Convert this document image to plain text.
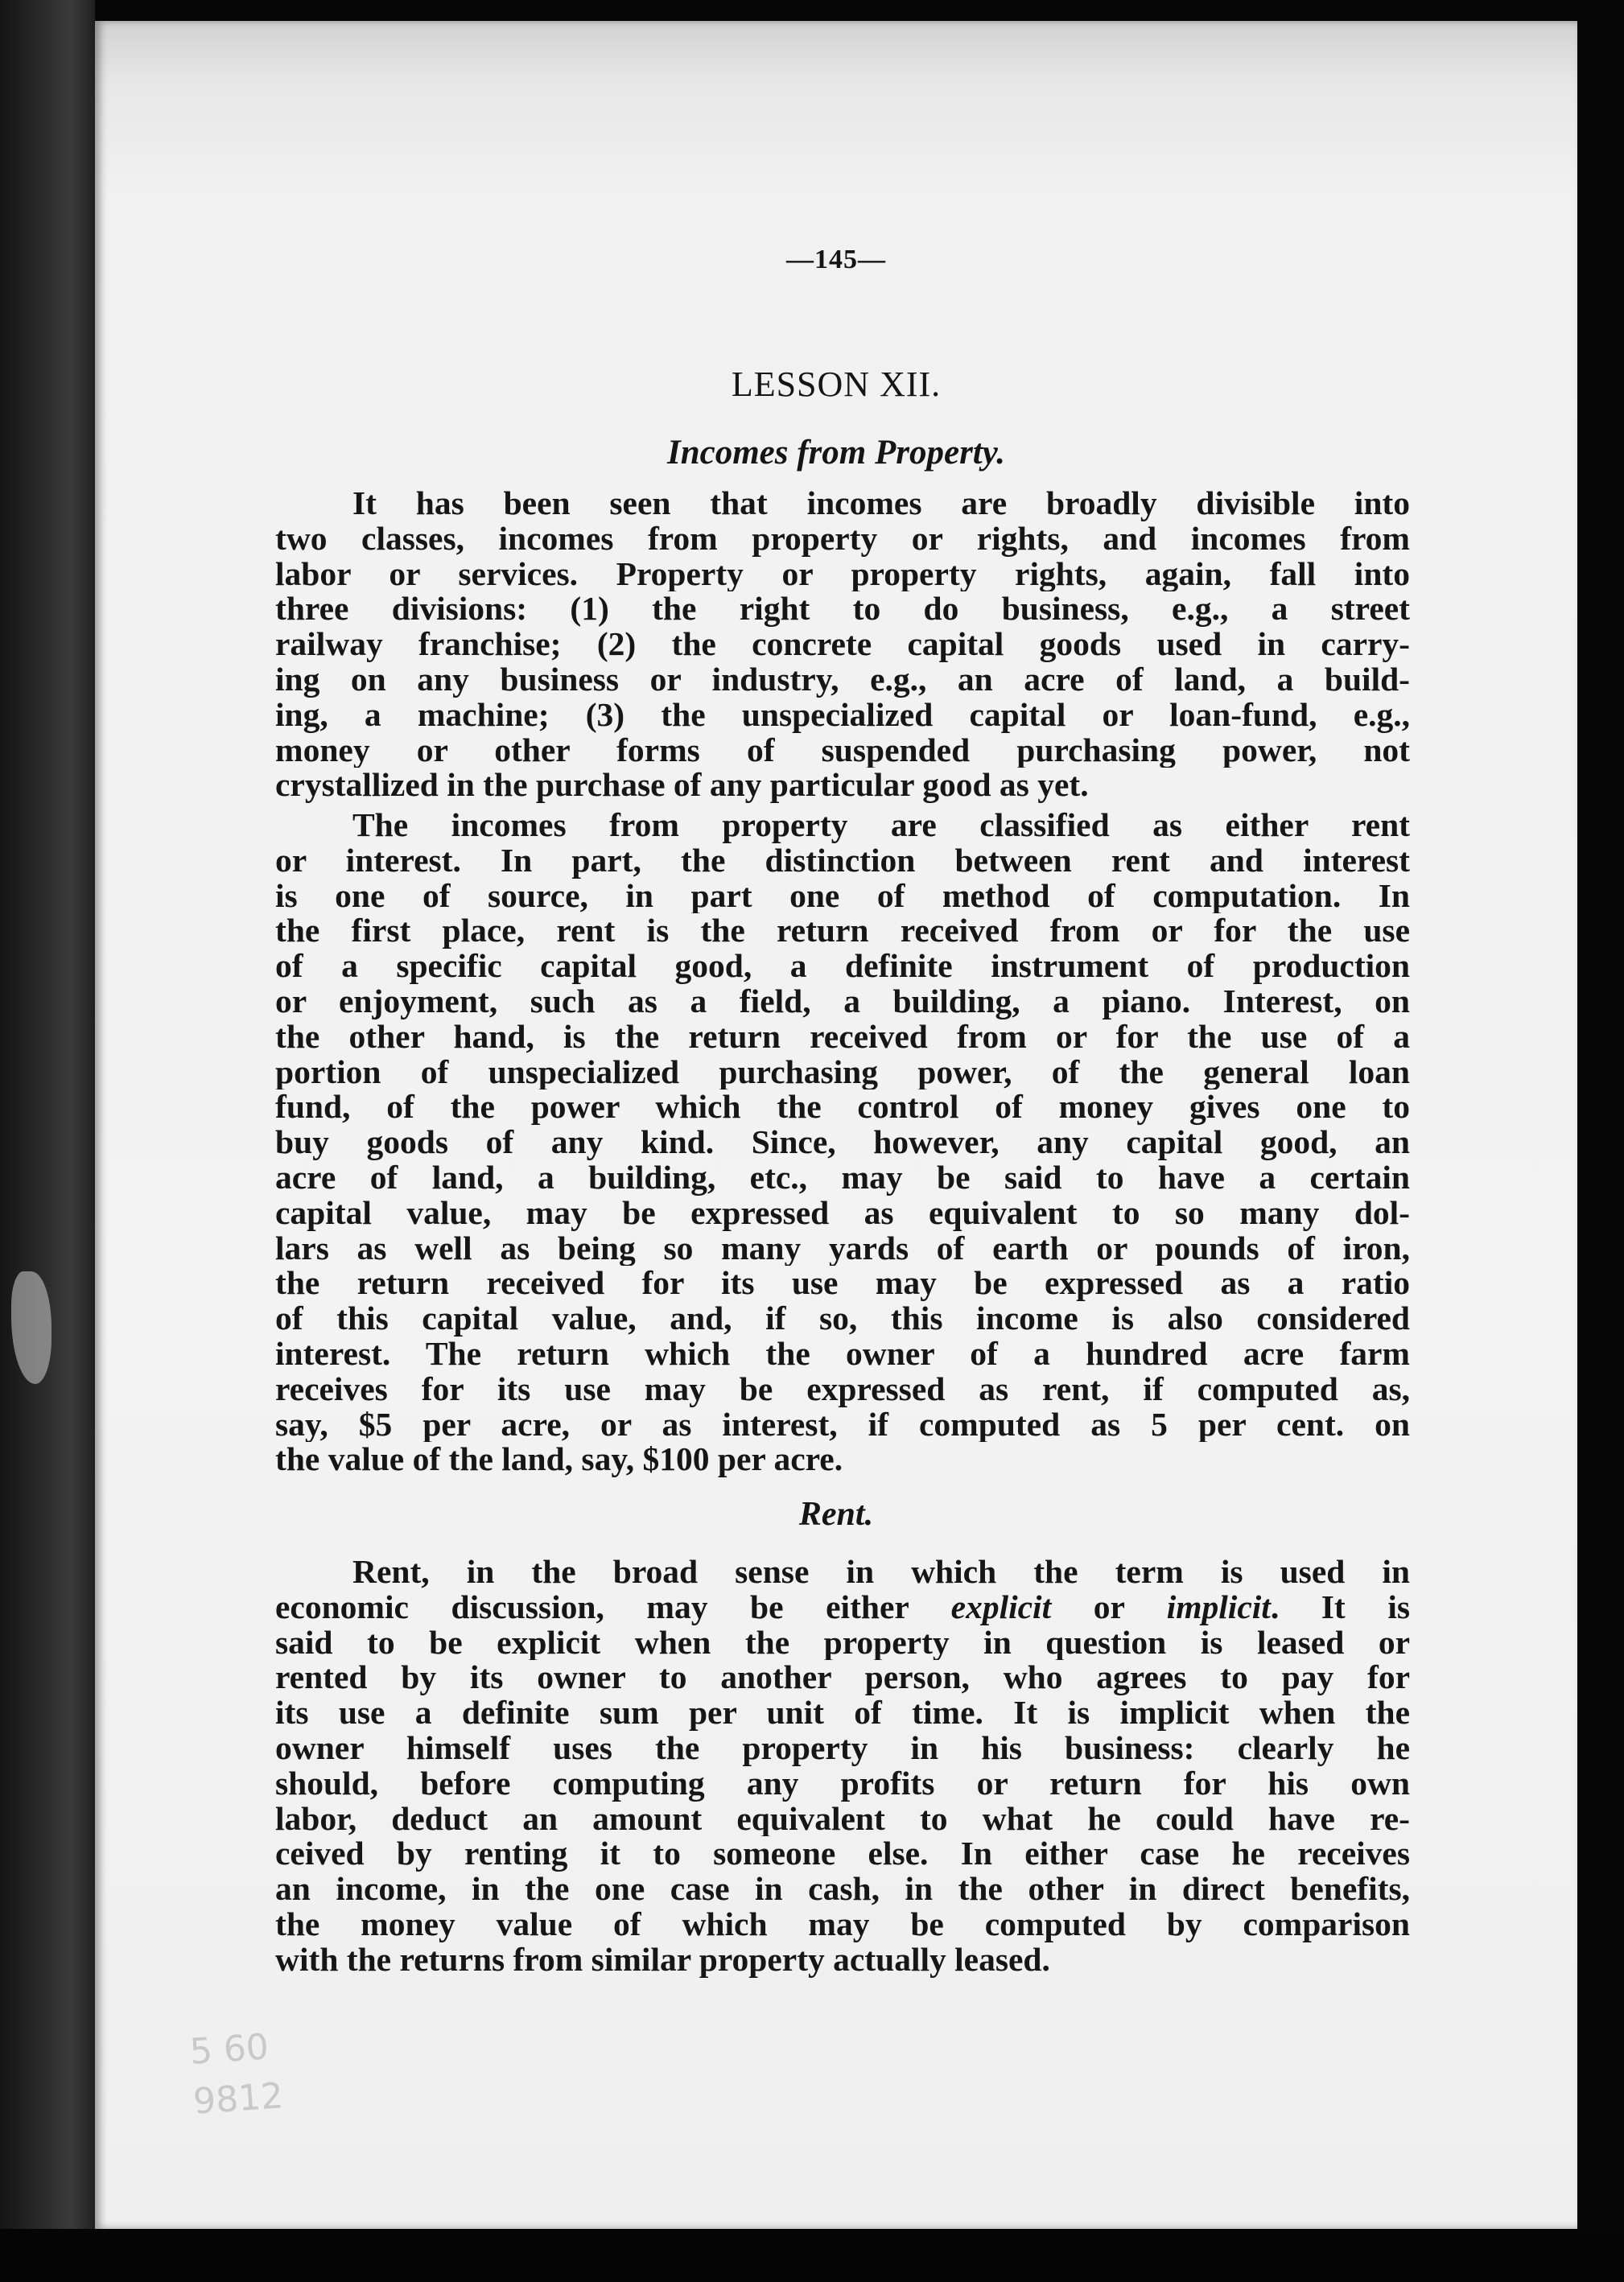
—145—
LESSON XII.
Incomes from Property.
It has been seen that incomes are broadly divisible into
two classes, incomes from property or rights, and incomes from
labor or services. Property or property rights, again, fall into
three divisions: (1) the right to do business, e.g., a street
railway franchise; (2) the concrete capital goods used in carry-
ing on any business or industry, e.g., an acre of land, a build-
ing, a machine; (3) the unspecialized capital or loan-fund, e.g.,
money or other forms of suspended purchasing power, not
crystallized in the purchase of any particular good as yet.
The incomes from property are classified as either rent
or interest. In part, the distinction between rent and interest
is one of source, in part one of method of computation. In
the first place, rent is the return received from or for the use
of a specific capital good, a definite instrument of production
or enjoyment, such as a field, a building, a piano. Interest, on
the other hand, is the return received from or for the use of a
portion of unspecialized purchasing power, of the general loan
fund, of the power which the control of money gives one to
buy goods of any kind. Since, however, any capital good, an
acre of land, a building, etc., may be said to have a certain
capital value, may be expressed as equivalent to so many dol-
lars as well as being so many yards of earth or pounds of iron,
the return received for its use may be expressed as a ratio
of this capital value, and, if so, this income is also considered
interest. The return which the owner of a hundred acre farm
receives for its use may be expressed as rent, if computed as,
say, $5 per acre, or as interest, if computed as 5 per cent. on
the value of the land, say, $100 per acre.
Rent.
Rent, in the broad sense in which the term is used in
economic discussion, may be either explicit or implicit. It is
said to be explicit when the property in question is leased or
rented by its owner to another person, who agrees to pay for
its use a definite sum per unit of time. It is implicit when the
owner himself uses the property in his business: clearly he
should, before computing any profits or return for his own
labor, deduct an amount equivalent to what he could have re-
ceived by renting it to someone else. In either case he receives
an income, in the one case in cash, in the other in direct benefits,
the money value of which may be computed by comparison
with the returns from similar property actually leased.
5 60
9812
